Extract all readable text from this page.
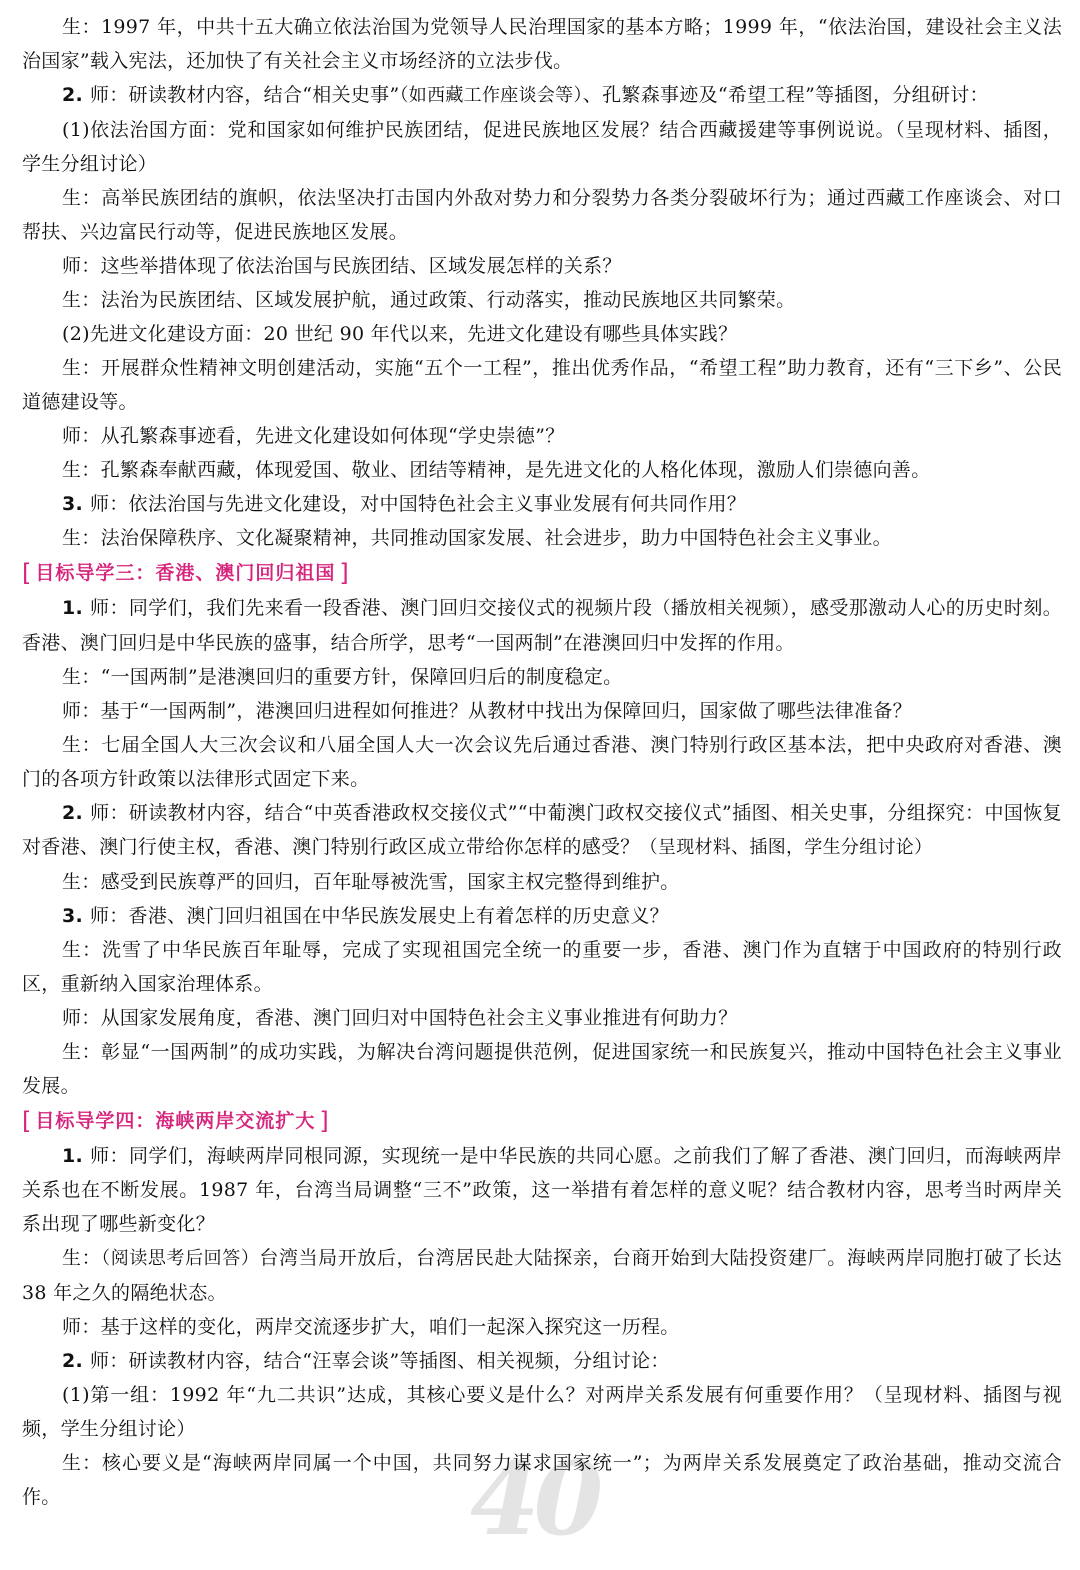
40

生：1997 年，中共十五大确立依法治国为党领导人民治理国家的基本方略；1999 年，“依法治国，建设社会主义法治国家”载入宪法，还加快了有关社会主义市场经济的立法步伐。

2. 师：研读教材内容，结合“相关史事”（如西藏工作座谈会等）、孔繁森事迹及“希望工程”等插图，分组研讨：

(1)依法治国方面：党和国家如何维护民族团结，促进民族地区发展？结合西藏援建等事例说说。（呈现材料、插图，学生分组讨论）

生：高举民族团结的旗帜，依法坚决打击国内外敌对势力和分裂势力各类分裂破坏行为；通过西藏工作座谈会、对口帮扶、兴边富民行动等，促进民族地区发展。

师：这些举措体现了依法治国与民族团结、区域发展怎样的关系？

生：法治为民族团结、区域发展护航，通过政策、行动落实，推动民族地区共同繁荣。

(2)先进文化建设方面：20 世纪 90 年代以来，先进文化建设有哪些具体实践？

生：开展群众性精神文明创建活动，实施“五个一工程”，推出优秀作品，“希望工程”助力教育，还有“三下乡”、公民道德建设等。

师：从孔繁森事迹看，先进文化建设如何体现“学史崇德”？

生：孔繁森奉献西藏，体现爱国、敬业、团结等精神，是先进文化的人格化体现，激励人们崇德向善。

3. 师：依法治国与先进文化建设，对中国特色社会主义事业发展有何共同作用？

生：法治保障秩序、文化凝聚精神，共同推动国家发展、社会进步，助力中国特色社会主义事业。

[ 目标导学三：香港、澳门回归祖国 ]

1. 师：同学们，我们先来看一段香港、澳门回归交接仪式的视频片段（播放相关视频），感受那激动人心的历史时刻。香港、澳门回归是中华民族的盛事，结合所学，思考“一国两制”在港澳回归中发挥的作用。

生：“一国两制”是港澳回归的重要方针，保障回归后的制度稳定。

师：基于“一国两制”，港澳回归进程如何推进？从教材中找出为保障回归，国家做了哪些法律准备？

生：七届全国人大三次会议和八届全国人大一次会议先后通过香港、澳门特别行政区基本法，把中央政府对香港、澳门的各项方针政策以法律形式固定下来。

2. 师：研读教材内容，结合“中英香港政权交接仪式”“中葡澳门政权交接仪式”插图、相关史事，分组探究：中国恢复对香港、澳门行使主权，香港、澳门特别行政区成立带给你怎样的感受？（呈现材料、插图，学生分组讨论）

生：感受到民族尊严的回归，百年耻辱被洗雪，国家主权完整得到维护。

3. 师：香港、澳门回归祖国在中华民族发展史上有着怎样的历史意义？

生：洗雪了中华民族百年耻辱，完成了实现祖国完全统一的重要一步，香港、澳门作为直辖于中国政府的特别行政区，重新纳入国家治理体系。

师：从国家发展角度，香港、澳门回归对中国特色社会主义事业推进有何助力？

生：彰显“一国两制”的成功实践，为解决台湾问题提供范例，促进国家统一和民族复兴，推动中国特色社会主义事业发展。

[ 目标导学四：海峡两岸交流扩大 ]

1. 师：同学们，海峡两岸同根同源，实现统一是中华民族的共同心愿。之前我们了解了香港、澳门回归，而海峡两岸关系也在不断发展。1987 年，台湾当局调整“三不”政策，这一举措有着怎样的意义呢？结合教材内容，思考当时两岸关系出现了哪些新变化？

生：（阅读思考后回答）台湾当局开放后，台湾居民赴大陆探亲，台商开始到大陆投资建厂。海峡两岸同胞打破了长达 38 年之久的隔绝状态。

师：基于这样的变化，两岸交流逐步扩大，咱们一起深入探究这一历程。

2. 师：研读教材内容，结合“汪辜会谈”等插图、相关视频，分组讨论：

(1)第一组：1992 年“九二共识”达成，其核心要义是什么？对两岸关系发展有何重要作用？（呈现材料、插图与视频，学生分组讨论）

生：核心要义是“海峡两岸同属一个中国，共同努力谋求国家统一”；为两岸关系发展奠定了政治基础，推动交流合作。
